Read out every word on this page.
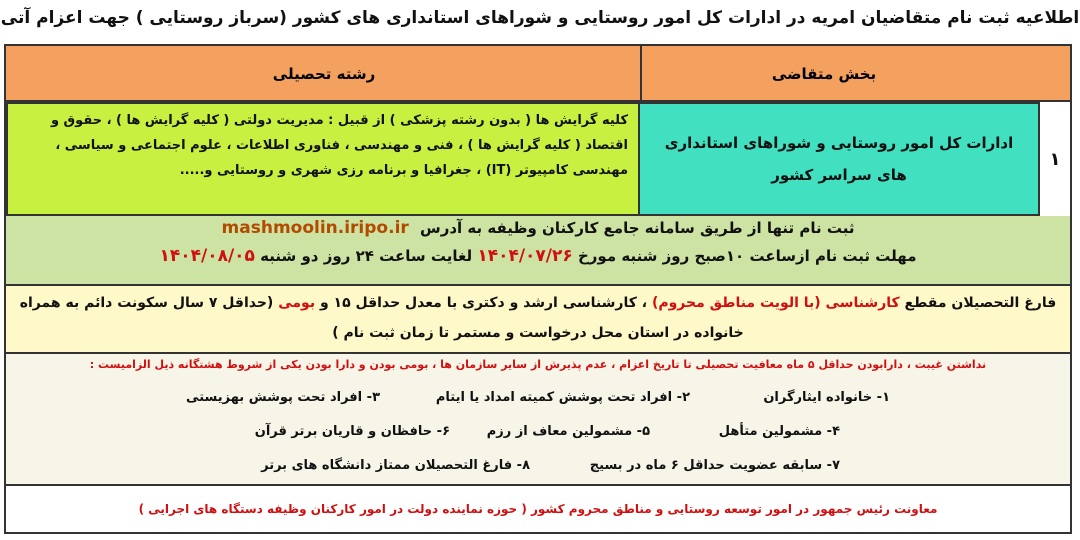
اطلاعیه ثبت نام متقاضیان امریه در ادارات کل امور روستایی و شوراهای استانداری های کشور (سرباز روستایی ) جهت اعزام آتی
بخش متقاضی
رشته تحصیلی
۱
ادارات کل امور روستایی و شوراهای استانداری های سراسر کشور
کلیه گرایش ها ( بدون رشته پزشکی ) از قبیل : مدیریت دولتی ( کلیه گرایش ها ) ، حقوق و اقتصاد ( کلیه گرایش ها ) ، فنی و مهندسی ، فناوری اطلاعات ، علوم اجتماعی و سیاسی ، مهندسی کامپیوتر (IT) ، جغرافیا و برنامه رزی شهری و روستایی و.....
ثبت نام تنها از طریق سامانه جامع کارکنان وظیفه به آدرس mashmoolin.iripo.ir
مهلت ثبت نام ازساعت ۱۰صبح روز شنبه مورخ ۱۴۰۴/۰۷/۲۶ لغایت ساعت ۲۴ روز دو شنبه ۱۴۰۴/۰۸/۰۵
فارغ التحصیلان مقطع کارشناسی (با الویت مناطق محروم) ، کارشناسی ارشد و دکتری با معدل حداقل ۱۵ و بومی (حداقل ۷ سال سکونت دائم به همراه
خانواده در استان محل درخواست و مستمر تا زمان ثبت نام )
نداشتن غیبت ، دارابودن حداقل ۵ ماه معافیت تحصیلی تا تاریخ اعزام ، عدم پذیرش از سایر سازمان ها ، بومی بودن و دارا بودن یکی از شروط هشتگانه ذیل الزامیست :
۱- خانواده ایثارگران
۲- افراد تحت پوشش کمیته امداد یا ایتام
۳- افراد تحت پوشش بهزیستی
۴- مشمولین متأهل
۵- مشمولین معاف از رزم
۶- حافظان و قاریان برتر قرآن
۷- سابقه عضویت حداقل ۶ ماه در بسیج
۸- فارغ التحصیلان ممتاز دانشگاه های برتر
معاونت رئیس جمهور در امور توسعه روستایی و مناطق محروم کشور ( حوزه نماینده دولت در امور کارکنان وظیفه دستگاه های اجرایی )
